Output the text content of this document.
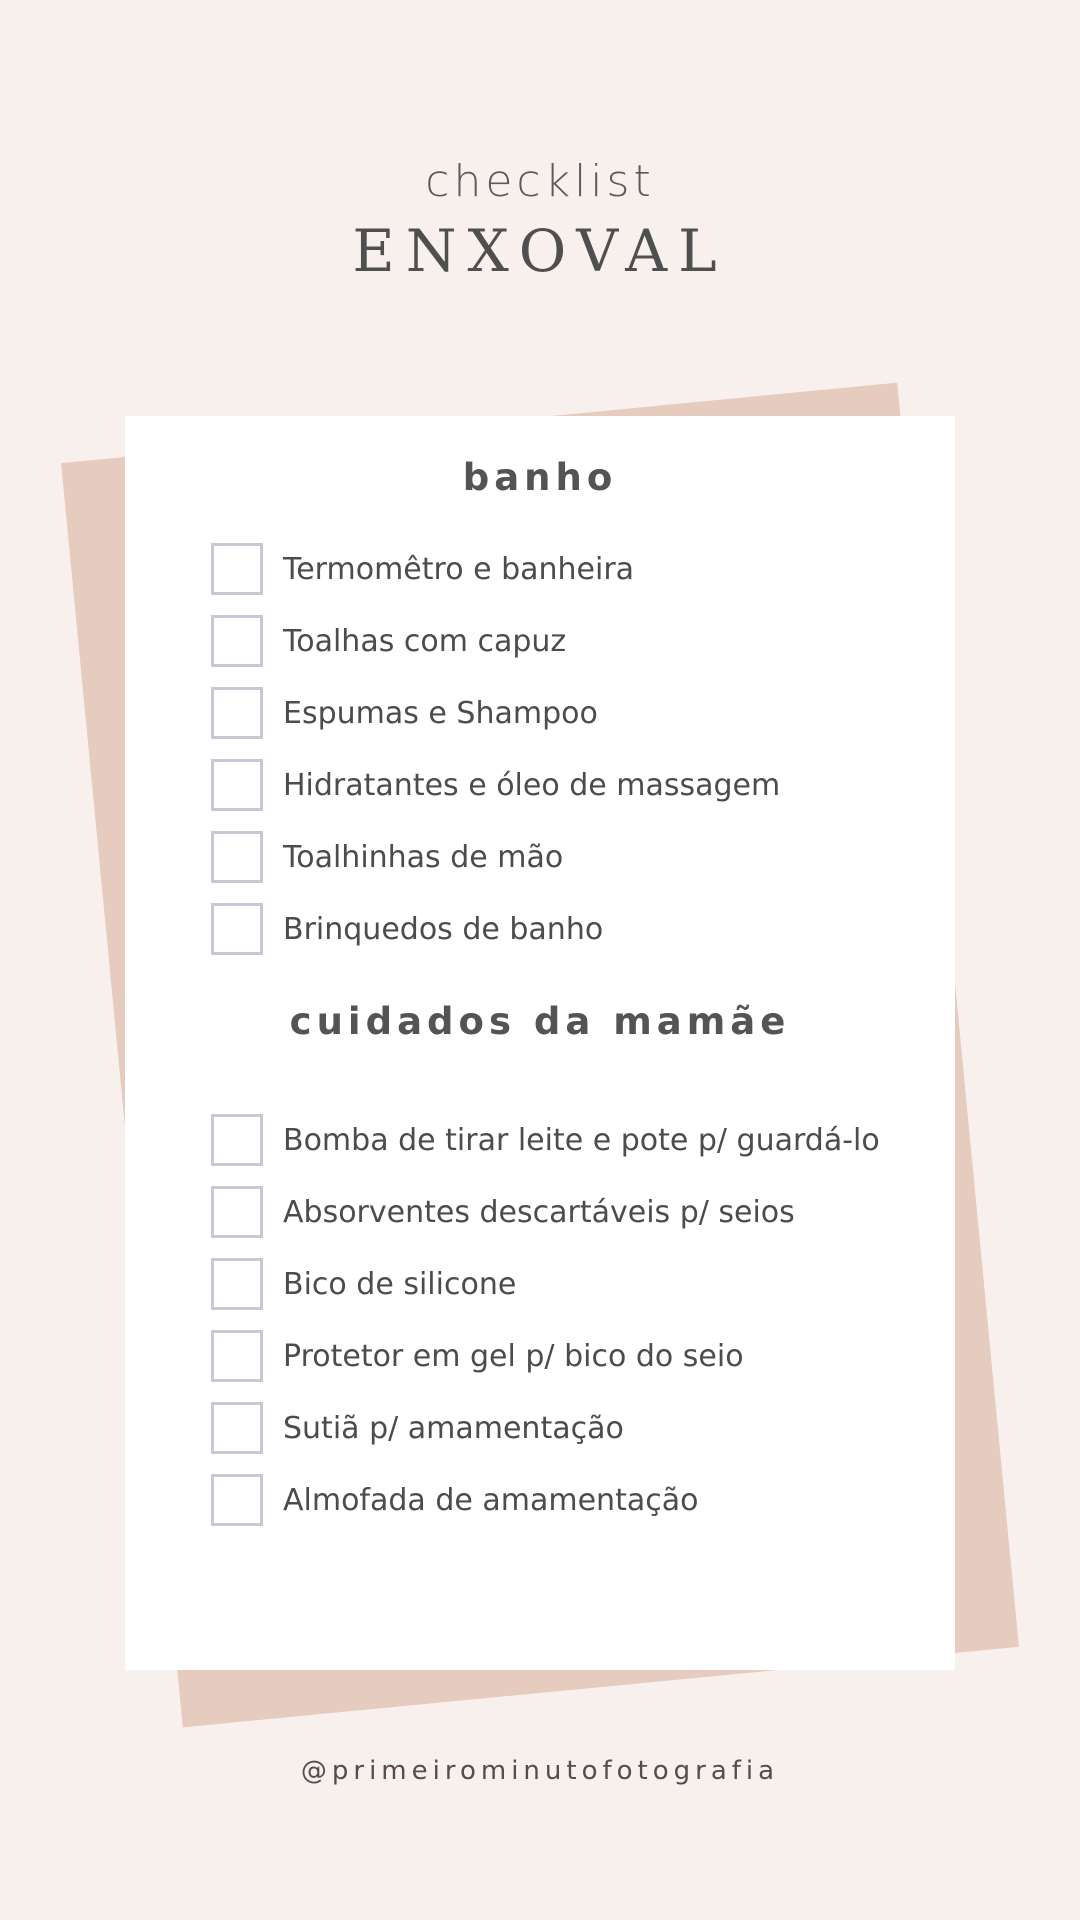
checklist
ENXOVAL
banho
Termomêtro e banheira
Toalhas com capuz
Espumas e Shampoo
Hidratantes e óleo de massagem
Toalhinhas de mão
Brinquedos de banho
cuidados da mamãe
Bomba de tirar leite e pote p/ guardá-lo
Absorventes descartáveis p/ seios
Bico de silicone
Protetor em gel p/ bico do seio
Sutiã p/ amamentação
Almofada de amamentação
@primeirominutofotografia
